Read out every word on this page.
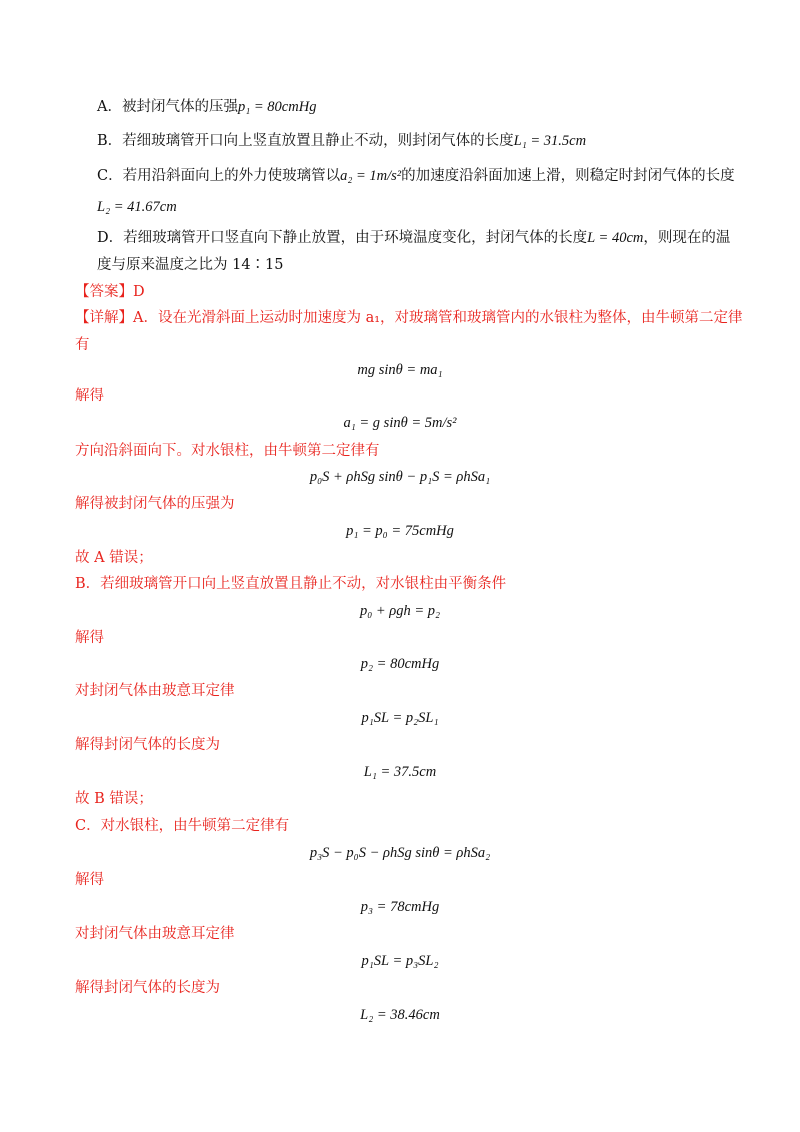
A．被封闭气体的压强p₁ = 80cmHg
B．若细玻璃管开口向上竖直放置且静止不动，则封闭气体的长度L₁ = 31.5cm
C．若用沿斜面向上的外力使玻璃管以a₂ = 1m/s²的加速度沿斜面加速上滑，则稳定时封闭气体的长度
L₂ = 41.67cm
D．若细玻璃管开口竖直向下静止放置，由于环境温度变化，封闭气体的长度L = 40cm，则现在的温
度与原来温度之比为 14∶15
【答案】D
【详解】A．设在光滑斜面上运动时加速度为 a₁，对玻璃管和玻璃管内的水银柱为整体，由牛顿第二定律
有
mg sinθ = ma₁
解得
a₁ = g sinθ = 5m/s²
方向沿斜面向下。对水银柱，由牛顿第二定律有
p₀S + ρhSg sinθ − p₁S = ρhSa₁
解得被封闭气体的压强为
p₁ = p₀ = 75cmHg
故 A 错误；
B．若细玻璃管开口向上竖直放置且静止不动，对水银柱由平衡条件
p₀ + ρgh = p₂
解得
p₂ = 80cmHg
对封闭气体由玻意耳定律
p₁SL = p₂SL₁
解得封闭气体的长度为
L₁ = 37.5cm
故 B 错误；
C．对水银柱，由牛顿第二定律有
p₃S − p₀S − ρhSg sinθ = ρhSa₂
解得
p₃ = 78cmHg
对封闭气体由玻意耳定律
p₁SL = p₃SL₂
解得封闭气体的长度为
L₂ = 38.46cm
